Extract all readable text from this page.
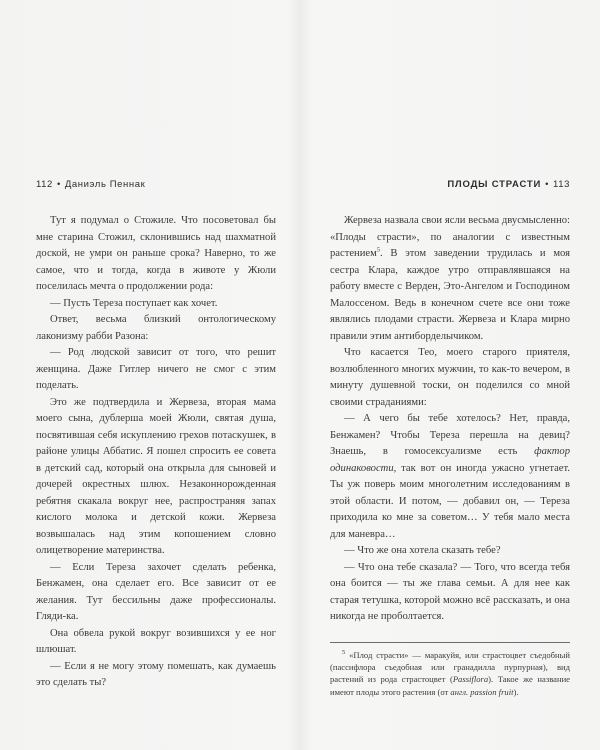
112 • Даниэль Пеннак

Тут я подумал о Стожиле. Что посоветовал бы мне старина Стожил, склонившись над шахматной доской, не умри он раньше срока? Наверно, то же самое, что и тогда, когда в животе у Жюли поселилась мечта о продолжении рода:

— Пусть Тереза поступает как хочет.

Ответ, весьма близкий онтологическому лаконизму рабби Разона:

— Род людской зависит от того, что решит женщина. Даже Гитлер ничего не смог с этим поделать.

Это же подтвердила и Жервеза, вторая мама моего сына, дублерша моей Жюли, святая душа, посвятившая себя искуплению грехов потаскушек, в районе улицы Аббатис. Я пошел спросить ее совета в детский сад, который она открыла для сыновей и дочерей окрестных шлюх. Незаконнорожденная ребятня скакала вокруг нее, распространяя запах кислого молока и детской кожи. Жервеза возвышалась над этим копошением словно олицетворение материнства.

— Если Тереза захочет сделать ребенка, Бенжамен, она сделает его. Все зависит от ее желания. Тут бессильны даже профессионалы. Гляди-ка.

Она обвела рукой вокруг возившихся у ее ног шлюшат.

— Если я не могу этому помешать, как думаешь это сделать ты?

ПЛОДЫ СТРАСТИ • 113

Жервеза назвала свои ясли весьма двусмысленно: «Плоды страсти», по аналогии с известным растением$^5$. В этом заведении трудилась и моя сестра Клара, каждое утро отправлявшаяся на работу вместе с Верден, Это-Ангелом и Господином Малоссеном. Ведь в конечном счете все они тоже являлись плодами страсти. Жервеза и Клара мирно правили этим антиборделычиком.

Что касается Тео, моего старого приятеля, возлюбленного многих мужчин, то как-то вечером, в минуту душевной тоски, он поделился со мной своими страданиями:

— А чего бы тебе хотелось? Нет, правда, Бенжамен? Чтобы Тереза перешла на девиц? Знаешь, в гомосексуализме есть фактор одинаковости, так вот он иногда ужасно угнетает. Ты уж поверь моим многолетним исследованиям в этой области. И потом, — добавил он, — Тереза приходила ко мне за советом… У тебя мало места для маневра…

— Что же она хотела сказать тебе?

— Что она тебе сказала? — Того, что всегда тебя она боится — ты же глава семьи. А для нее как старая тетушка, которой можно всё рассказать, и она никогда не проболтается.

$^5$ «Плод страсти» — маракуйя, или страстоцвет съедобный (пассифлора съедобная или гранадилла пурпурная), вид растений из рода страстоцвет (Passiflora). Такое же название имеют плоды этого растения (от англ. passion fruit).
